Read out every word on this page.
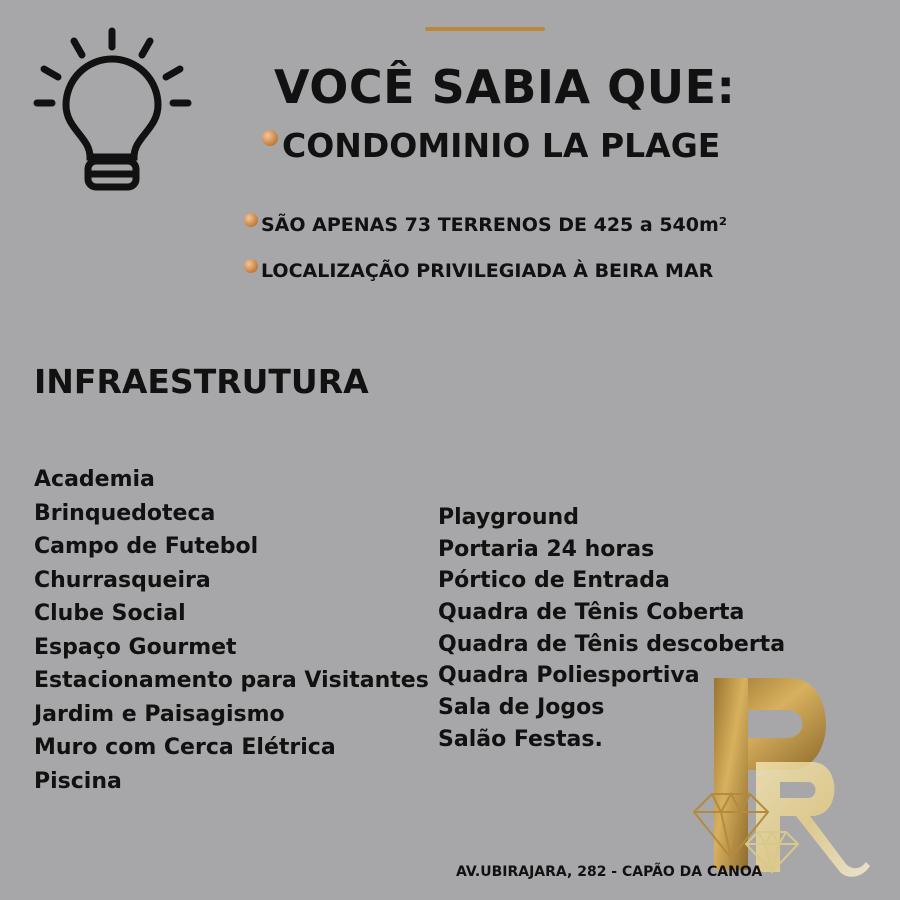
VOCÊ SABIA QUE:
CONDOMINIO LA PLAGE
SÃO APENAS 73 TERRENOS DE 425 a 540m²
LOCALIZAÇÃO PRIVILEGIADA À BEIRA MAR
INFRAESTRUTURA
Academia
Brinquedoteca
Campo de Futebol
Churrasqueira
Clube Social
Espaço Gourmet
Estacionamento para Visitantes
Jardim e Paisagismo
Muro com Cerca Elétrica
Piscina
Playground
Portaria 24 horas
Pórtico de Entrada
Quadra de Tênis Coberta
Quadra de Tênis descoberta
Quadra Poliesportiva
Sala de Jogos
Salão Festas.
AV.UBIRAJARA, 282 - CAPÃO DA CANOA
